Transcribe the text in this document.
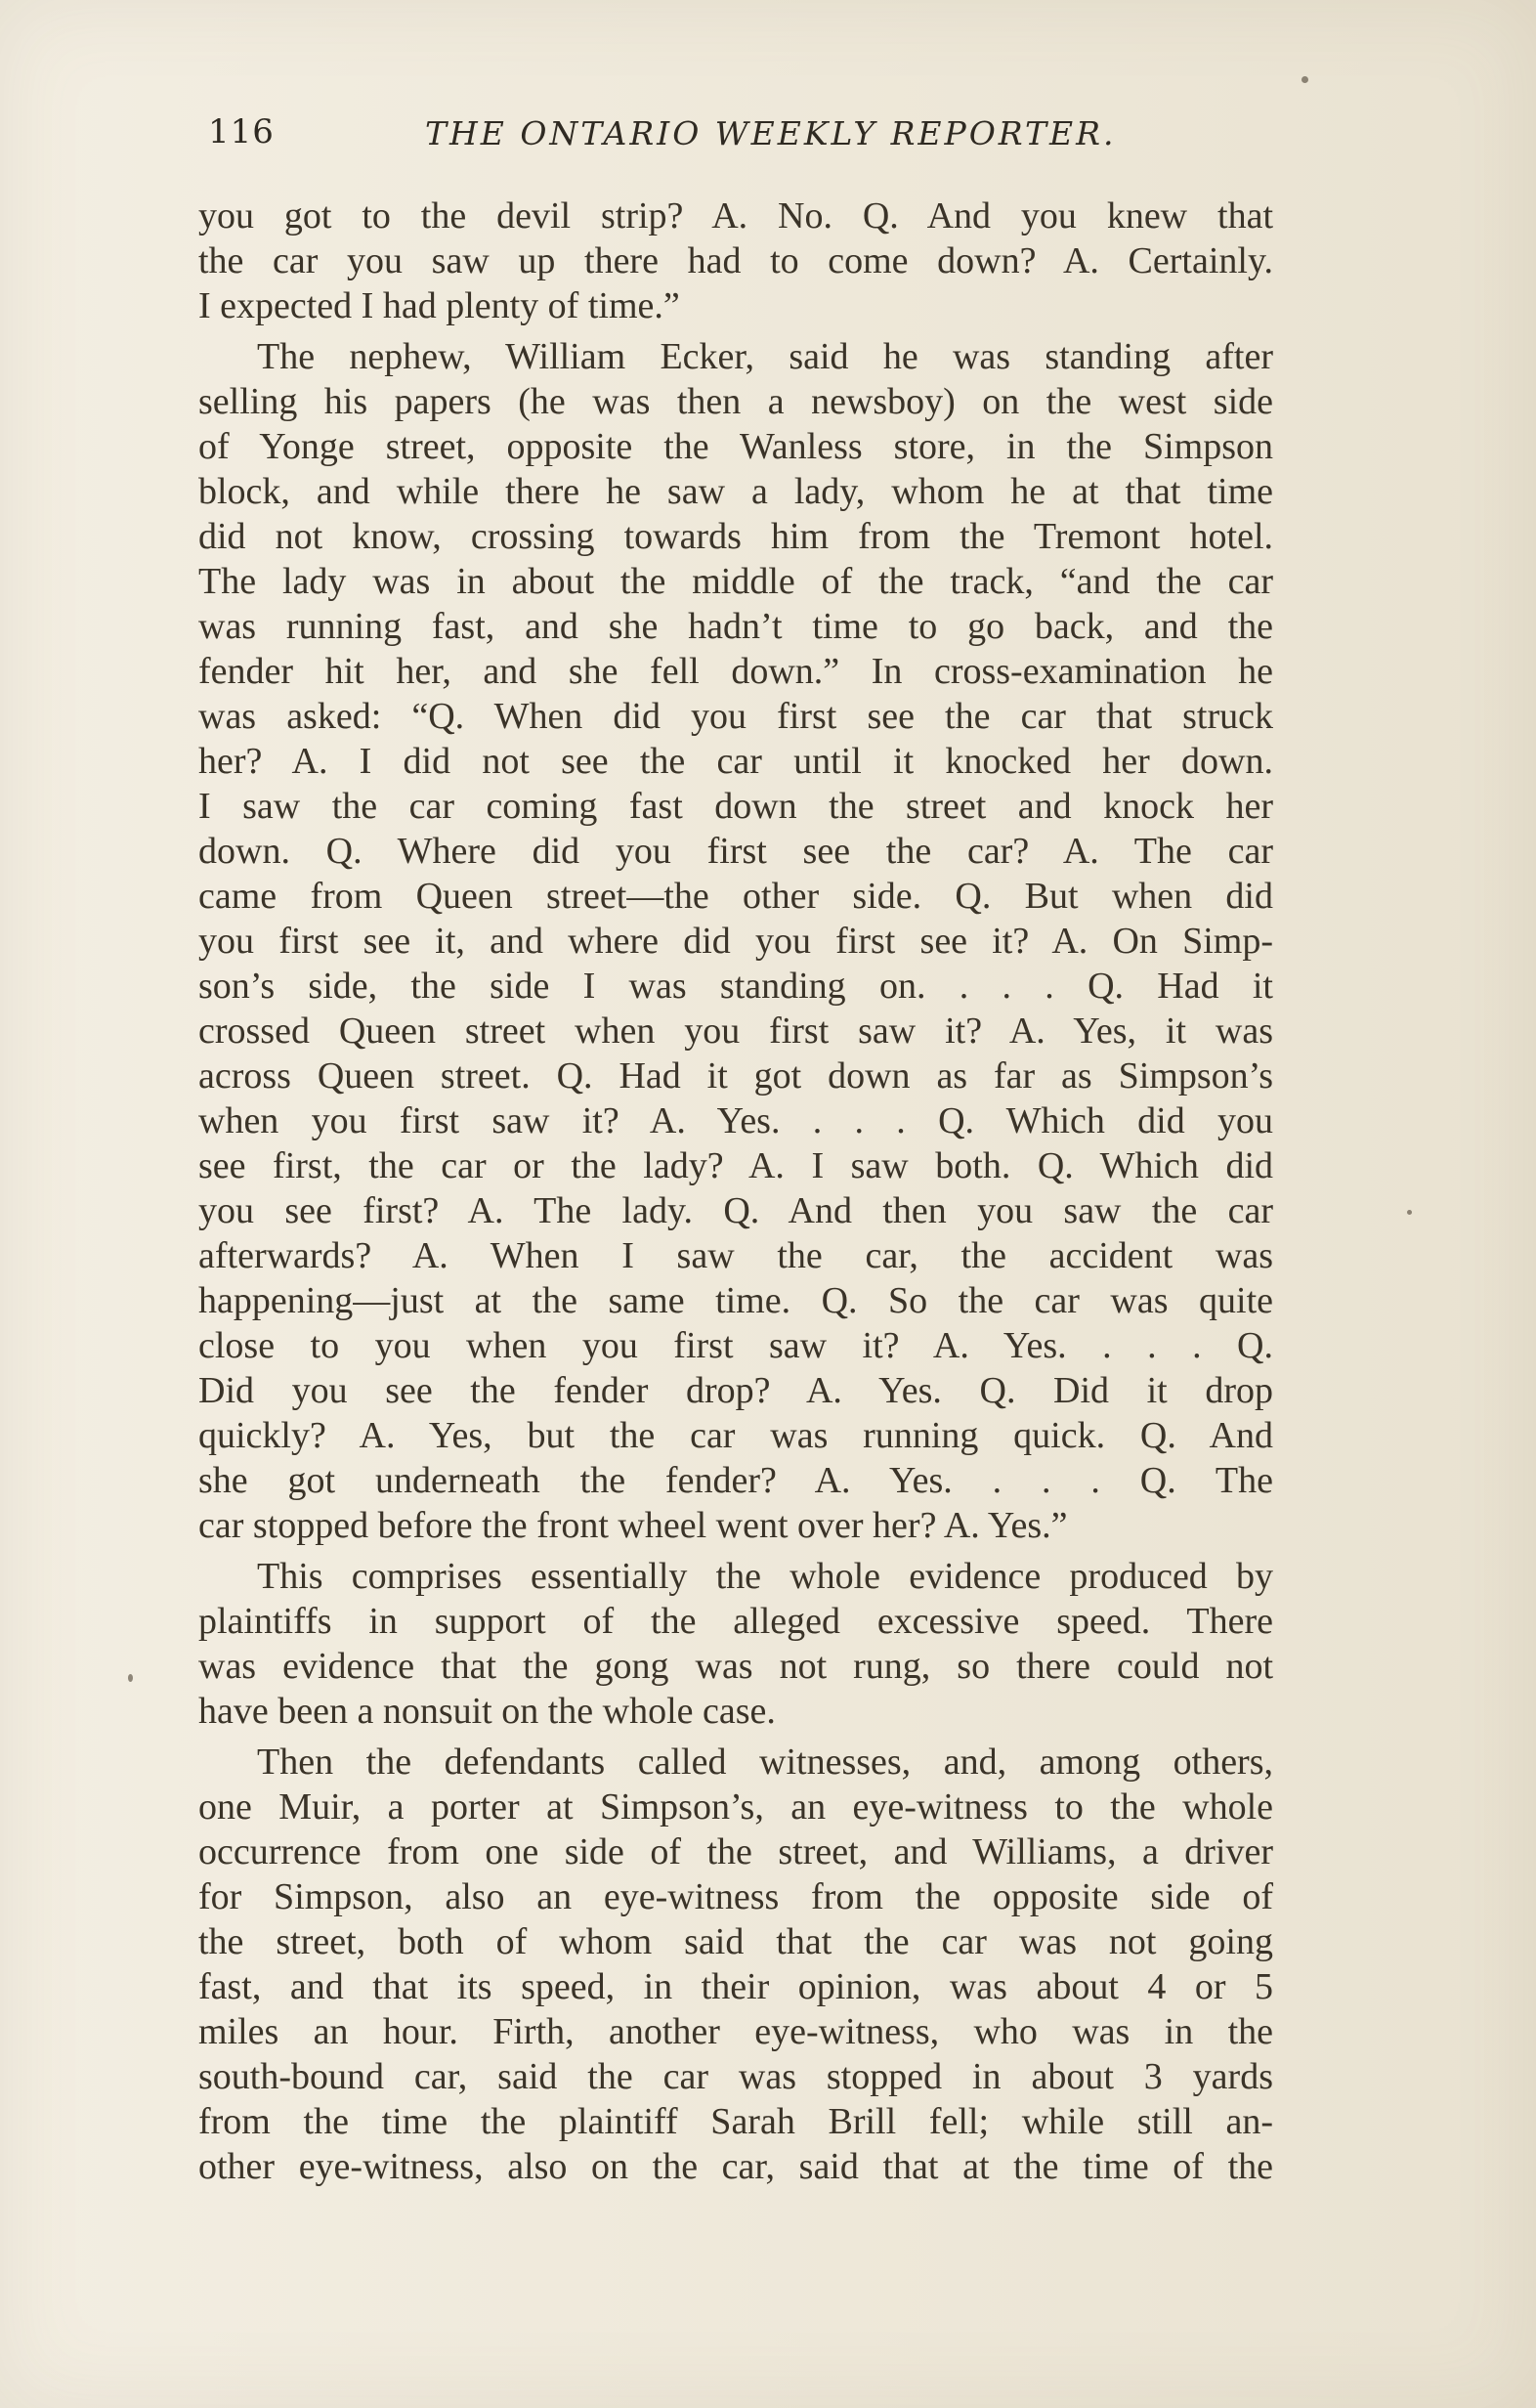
116	THE ONTARIO WEEKLY REPORTER.
you got to the devil strip? A. No. Q. And you knew that
the car you saw up there had to come down? A. Certainly.
I expected I had plenty of time.”
The nephew, William Ecker, said he was standing after
selling his papers (he was then a newsboy) on the west side
of Yonge street, opposite the Wanless store, in the Simpson
block, and while there he saw a lady, whom he at that time
did not know, crossing towards him from the Tremont hotel.
The lady was in about the middle of the track, “and the car
was running fast, and she hadn’t time to go back, and the
fender hit her, and she fell down.” In cross-examination he
was asked: “Q. When did you first see the car that struck
her? A. I did not see the car until it knocked her down.
I saw the car coming fast down the street and knock her
down. Q. Where did you first see the car? A. The car
came from Queen street—the other side. Q. But when did
you first see it, and where did you first see it? A. On Simp-
son’s side, the side I was standing on. . . . Q. Had it
crossed Queen street when you first saw it? A. Yes, it was
across Queen street. Q. Had it got down as far as Simpson’s
when you first saw it? A. Yes. . . . Q. Which did you
see first, the car or the lady? A. I saw both. Q. Which did
you see first? A. The lady. Q. And then you saw the car
afterwards? A. When I saw the car, the accident was
happening—just at the same time. Q. So the car was quite
close to you when you first saw it? A. Yes. . . . Q.
Did you see the fender drop? A. Yes. Q. Did it drop
quickly? A. Yes, but the car was running quick. Q. And
she got underneath the fender? A. Yes. . . . Q. The
car stopped before the front wheel went over her? A. Yes.”
This comprises essentially the whole evidence produced by
plaintiffs in support of the alleged excessive speed. There
was evidence that the gong was not rung, so there could not
have been a nonsuit on the whole case.
Then the defendants called witnesses, and, among others,
one Muir, a porter at Simpson’s, an eye-witness to the whole
occurrence from one side of the street, and Williams, a driver
for Simpson, also an eye-witness from the opposite side of
the street, both of whom said that the car was not going
fast, and that its speed, in their opinion, was about 4 or 5
miles an hour. Firth, another eye-witness, who was in the
south-bound car, said the car was stopped in about 3 yards
from the time the plaintiff Sarah Brill fell; while still an-
other eye-witness, also on the car, said that at the time of the
